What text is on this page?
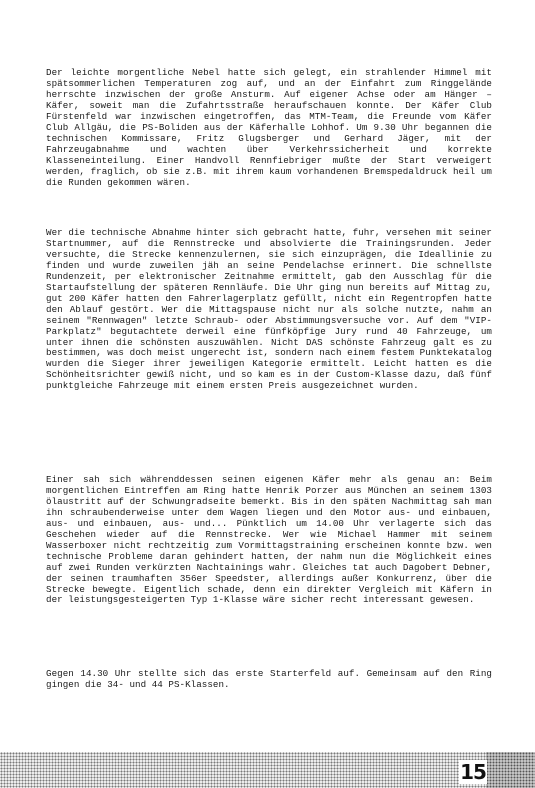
Der leichte morgentliche Nebel hatte sich gelegt, ein strahlender Himmel mit spätsommerlichen Temperaturen zog auf, und an der Einfahrt zum Ringgelände herrschte inzwischen der große Ansturm. Auf eigener Achse oder am Hänger – Käfer, soweit man die Zufahrtsstraße heraufschauen konnte. Der Käfer Club Fürstenfeld war inzwischen eingetroffen, das MTM-Team, die Freunde vom Käfer Club Allgäu, die PS-Boliden aus der Käferhalle Lohhof. Um 9.30 Uhr begannen die technischen Kommissare, Fritz Glugsberger und Gerhard Jäger, mit der Fahrzeugabnahme und wachten über Verkehrssicherheit und korrekte Klasseneinteilung. Einer Handvoll Rennfiebriger mußte der Start verweigert werden, fraglich, ob sie z.B. mit ihrem kaum vorhandenen Bremspedaldruck heil um die Runden gekommen wären.

Wer die technische Abnahme hinter sich gebracht hatte, fuhr, versehen mit seiner Startnummer, auf die Rennstrecke und absolvierte die Trainingsrunden. Jeder versuchte, die Strecke kennenzulernen, sie sich einzuprägen, die Ideallinie zu finden und wurde zuweilen jäh an seine Pendelachse erinnert. Die schnellste Rundenzeit, per elektronischer Zeitnahme ermittelt, gab den Ausschlag für die Startaufstellung der späteren Rennläufe. Die Uhr ging nun bereits auf Mittag zu, gut 200 Käfer hatten den Fahrerlagerplatz gefüllt, nicht ein Regentropfen hatte den Ablauf gestört. Wer die Mittagspause nicht nur als solche nutzte, nahm an seinem "Rennwagen" letzte Schraub- oder Abstimmungsversuche vor. Auf dem "VIP-Parkplatz" begutachtete derweil eine fünfköpfige Jury rund 40 Fahrzeuge, um unter ihnen die schönsten auszuwählen. Nicht DAS schönste Fahrzeug galt es zu bestimmen, was doch meist ungerecht ist, sondern nach einem festem Punktekatalog wurden die Sieger ihrer jeweiligen Kategorie ermittelt. Leicht hatten es die Schönheitsrichter gewiß nicht, und so kam es in der Custom-Klasse dazu, daß fünf punktgleiche Fahrzeuge mit einem ersten Preis ausgezeichnet wurden.

Einer sah sich währenddessen seinen eigenen Käfer mehr als genau an: Beim morgentlichen Eintreffen am Ring hatte Henrik Porzer aus München an seinem 1303 ölaustritt auf der Schwungradseite bemerkt. Bis in den späten Nachmittag sah man ihn schraubenderweise unter dem Wagen liegen und den Motor aus- und einbauen, aus- und einbauen, aus- und... Pünktlich um 14.00 Uhr verlagerte sich das Geschehen wieder auf die Rennstrecke. Wer wie Michael Hammer mit seinem Wasserboxer nicht rechtzeitig zum Vormittagstraining erscheinen konnte bzw. wen technische Probleme daran gehindert hatten, der nahm nun die Möglichkeit eines auf zwei Runden verkürzten Nachtainings wahr. Gleiches tat auch Dagobert Debner, der seinen traumhaften 356er Speedster, allerdings außer Konkurrenz, über die Strecke bewegte. Eigentlich schade, denn ein direkter Vergleich mit Käfern in der leistungsgesteigerten Typ 1-Klasse wäre sicher recht interessant gewesen.

Gegen 14.30 Uhr stellte sich das erste Starterfeld auf. Gemeinsam auf den Ring gingen die 34- und 44 PS-Klassen.

15
